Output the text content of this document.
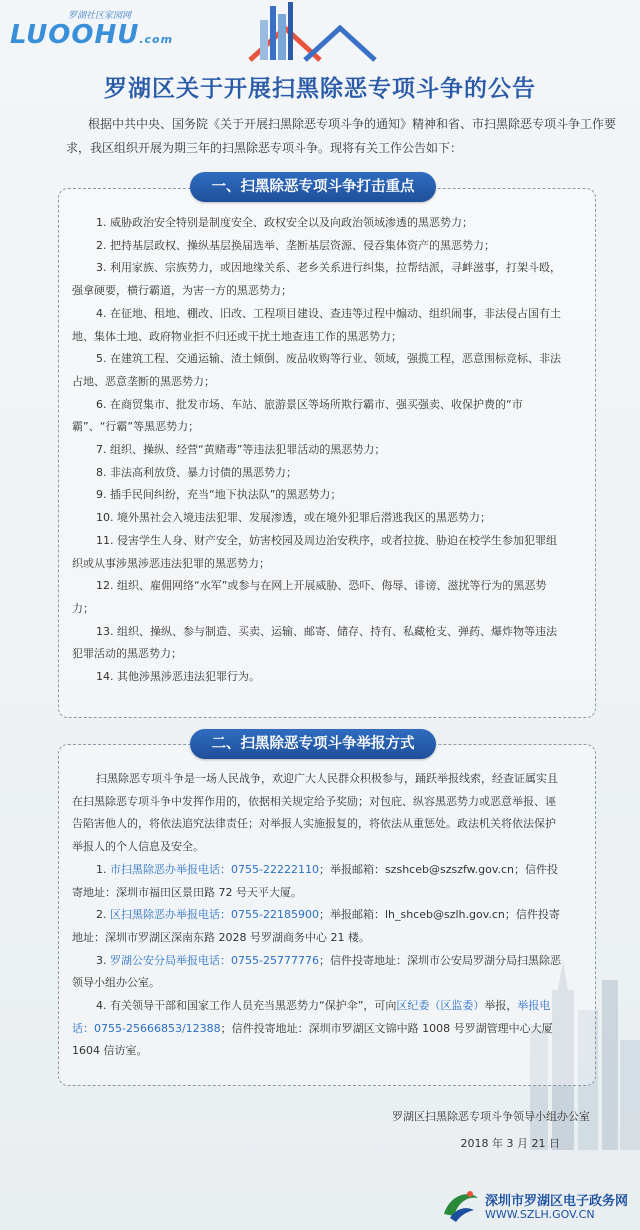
罗湖社区家园网
LUOOHU.com
罗湖区关于开展扫黑除恶专项斗争的公告
根据中共中央、国务院《关于开展扫黑除恶专项斗争的通知》精神和省、市扫黑除恶专项斗争工作要求，我区组织开展为期三年的扫黑除恶专项斗争。现将有关工作公告如下：
一、扫黑除恶专项斗争打击重点

1. 威胁政治安全特别是制度安全、政权安全以及向政治领域渗透的黑恶势力；

2. 把持基层政权、操纵基层换届选举、垄断基层资源、侵吞集体资产的黑恶势力；

3. 利用家族、宗族势力，或因地缘关系、老乡关系进行纠集，拉帮结派，寻衅滋事，打架斗殴，强拿硬要，横行霸道，为害一方的黑恶势力；

4. 在征地、租地、棚改、旧改、工程项目建设、查违等过程中煽动、组织闹事，非法侵占国有土地、集体土地、政府物业拒不归还或干扰土地查违工作的黑恶势力；

5. 在建筑工程、交通运输、渣土倾倒、废品收购等行业、领域，强揽工程，恶意围标竞标、非法占地、恶意垄断的黑恶势力；

6. 在商贸集市、批发市场、车站、旅游景区等场所欺行霸市、强买强卖、收保护费的“市霸”、“行霸”等黑恶势力；

7. 组织、操纵、经营“黄赌毒”等违法犯罪活动的黑恶势力；

8. 非法高利放贷、暴力讨债的黑恶势力；

9. 插手民间纠纷，充当“地下执法队”的黑恶势力；

10. 境外黑社会入境违法犯罪、发展渗透，或在境外犯罪后潜逃我区的黑恶势力；

11. 侵害学生人身、财产安全，妨害校园及周边治安秩序，或者拉拢、胁迫在校学生参加犯罪组织或从事涉黑涉恶违法犯罪的黑恶势力；

12. 组织、雇佣网络“水军”或参与在网上开展威胁、恐吓、侮辱、诽谤、滋扰等行为的黑恶势力；

13. 组织、操纵、参与制造、买卖、运输、邮寄、储存、持有、私藏枪支、弹药、爆炸物等违法犯罪活动的黑恶势力；

14. 其他涉黑涉恶违法犯罪行为。

二、扫黑除恶专项斗争举报方式

扫黑除恶专项斗争是一场人民战争，欢迎广大人民群众积极参与，踊跃举报线索，经查证属实且在扫黑除恶专项斗争中发挥作用的，依据相关规定给予奖励；对包庇、纵容黑恶势力或恶意举报、诬告陷害他人的，将依法追究法律责任；对举报人实施报复的，将依法从重惩处。政法机关将依法保护举报人的个人信息及安全。

1. 市扫黑除恶办举报电话：0755-22222110；举报邮箱：szshceb@szszfw.gov.cn；信件投寄地址：深圳市福田区景田路 72 号天平大厦。

2. 区扫黑除恶办举报电话：0755-22185900；举报邮箱：lh_shceb@szlh.gov.cn；信件投寄地址：深圳市罗湖区深南东路 2028 号罗湖商务中心 21 楼。

3. 罗湖公安分局举报电话：0755-25777776；信件投寄地址：深圳市公安局罗湖分局扫黑除恶领导小组办公室。

4. 有关领导干部和国家工作人员充当黑恶势力“保护伞”，可向区纪委（区监委）举报，举报电话：0755-25666853/12388；信件投寄地址：深圳市罗湖区文锦中路 1008 号罗湖管理中心大厦 1604 信访室。

罗湖区扫黑除恶专项斗争领导小组办公室
2018 年 3 月 21 日
深圳市罗湖区电子政务网
WWW.SZLH.GOV.CN
